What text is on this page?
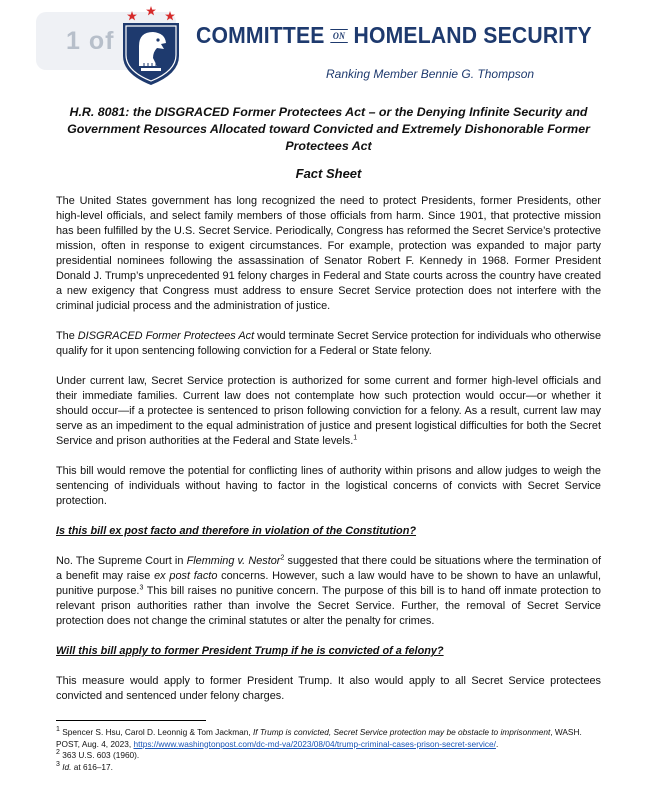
1 of	COMMITTEE ON HOMELAND SECURITY
Ranking Member Bennie G. Thompson
H.R. 8081: the DISGRACED Former Protectees Act – or the Denying Infinite Security and Government Resources Allocated toward Convicted and Extremely Dishonorable Former Protectees Act
Fact Sheet

The United States government has long recognized the need to protect Presidents, former Presidents, other high-level officials, and select family members of those officials from harm. Since 1901, that protective mission has been fulfilled by the U.S. Secret Service. Periodically, Congress has reformed the Secret Service’s protective mission, often in response to exigent circumstances. For example, protection was expanded to major party presidential nominees following the assassination of Senator Robert F. Kennedy in 1968. Former President Donald J. Trump’s unprecedented 91 felony charges in Federal and State courts across the country have created a new exigency that Congress must address to ensure Secret Service protection does not interfere with the criminal judicial process and the administration of justice.

The DISGRACED Former Protectees Act would terminate Secret Service protection for individuals who otherwise qualify for it upon sentencing following conviction for a Federal or State felony.

Under current law, Secret Service protection is authorized for some current and former high-level officials and their immediate families. Current law does not contemplate how such protection would occur—or whether it should occur—if a protectee is sentenced to prison following conviction for a felony. As a result, current law may serve as an impediment to the equal administration of justice and present logistical difficulties for both the Secret Service and prison authorities at the Federal and State levels.$^1$

This bill would remove the potential for conflicting lines of authority within prisons and allow judges to weigh the sentencing of individuals without having to factor in the logistical concerns of convicts with Secret Service protection.

Is this bill ex post facto and therefore in violation of the Constitution?

No. The Supreme Court in Flemming v. Nestor$^2$ suggested that there could be situations where the termination of a benefit may raise ex post facto concerns. However, such a law would have to be shown to have an unlawful, punitive purpose.$^3$ This bill raises no punitive concern. The purpose of this bill is to hand off inmate protection to relevant prison authorities rather than involve the Secret Service. Further, the removal of Secret Service protection does not change the criminal statutes or alter the penalty for crimes.

Will this bill apply to former President Trump if he is convicted of a felony?

This measure would apply to former President Trump. It also would apply to all Secret Service protectees convicted and sentenced under felony charges.

$^1$ Spencer S. Hsu, Carol D. Leonnig & Tom Jackman, If Trump is convicted, Secret Service protection may be obstacle to imprisonment, WASH. POST, Aug. 4, 2023, https://www.washingtonpost.com/dc-md-va/2023/08/04/trump-criminal-cases-prison-secret-service/.
$^2$ 363 U.S. 603 (1960).
$^3$ Id. at 616–17.
